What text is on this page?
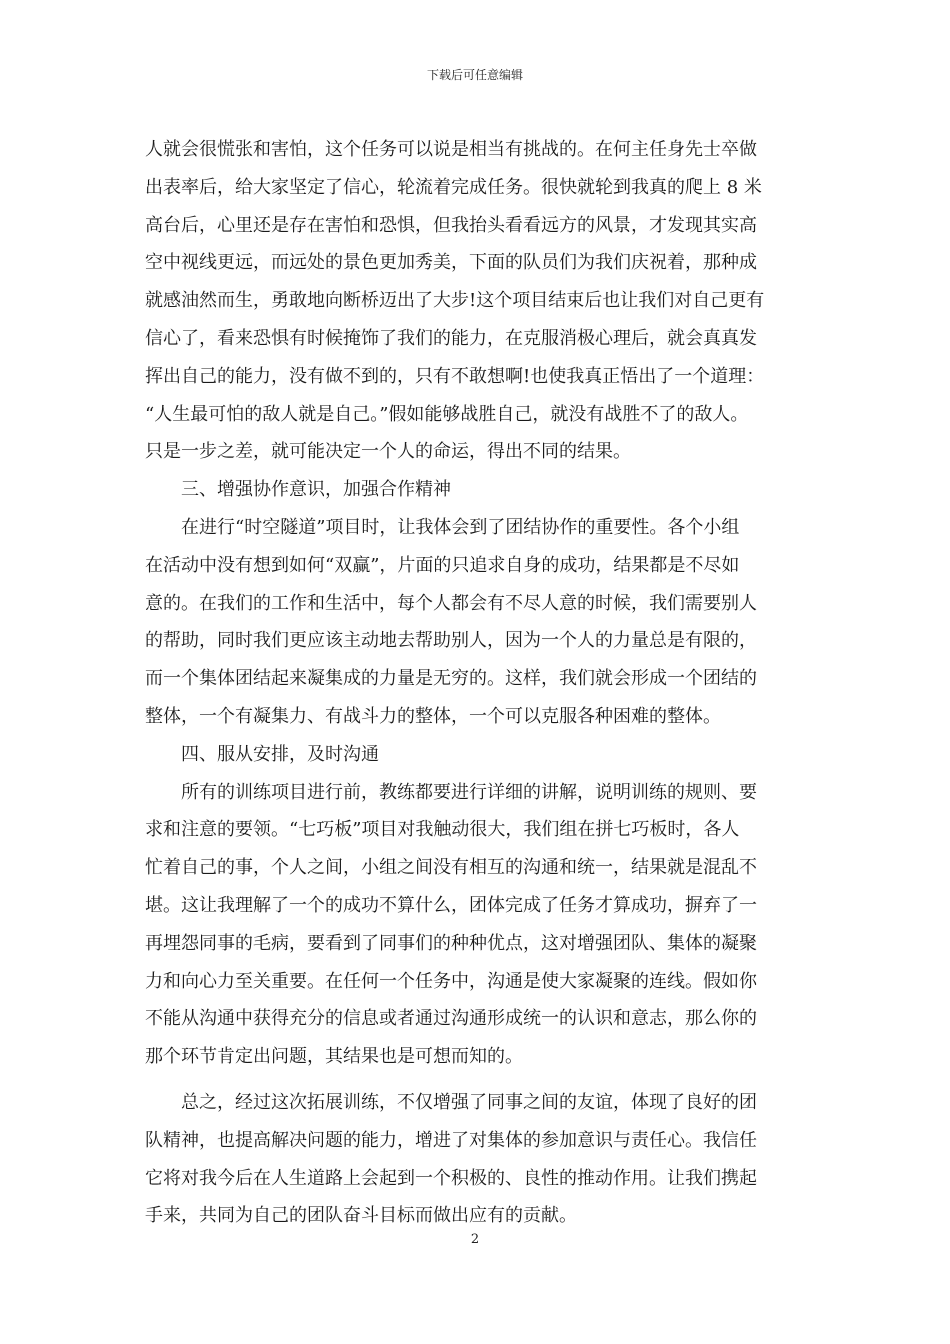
下载后可任意编辑
人就会很慌张和害怕，这个任务可以说是相当有挑战的。在何主任身先士卒做
出表率后，给大家坚定了信心，轮流着完成任务。很快就轮到我真的爬上 8 米
高台后，心里还是存在害怕和恐惧，但我抬头看看远方的风景，才发现其实高
空中视线更远，而远处的景色更加秀美，下面的队员们为我们庆祝着，那种成
就感油然而生，勇敢地向断桥迈出了大步!这个项目结束后也让我们对自己更有
信心了，看来恐惧有时候掩饰了我们的能力，在克服消极心理后，就会真真发
挥出自己的能力，没有做不到的，只有不敢想啊!也使我真正悟出了一个道理：
“人生最可怕的敌人就是自己。”假如能够战胜自己，就没有战胜不了的敌人。
只是一步之差，就可能决定一个人的命运，得出不同的结果。
三、增强协作意识，加强合作精神
　　在进行“时空隧道”项目时，让我体会到了团结协作的重要性。各个小组
在活动中没有想到如何“双赢”，片面的只追求自身的成功，结果都是不尽如
意的。在我们的工作和生活中，每个人都会有不尽人意的时候，我们需要别人
的帮助，同时我们更应该主动地去帮助别人，因为一个人的力量总是有限的，
而一个集体团结起来凝集成的力量是无穷的。这样，我们就会形成一个团结的
整体，一个有凝集力、有战斗力的整体，一个可以克服各种困难的整体。
四、服从安排，及时沟通
　　所有的训练项目进行前，教练都要进行详细的讲解，说明训练的规则、要
求和注意的要领。“七巧板”项目对我触动很大，我们组在拼七巧板时，各人
忙着自己的事，个人之间，小组之间没有相互的沟通和统一，结果就是混乱不
堪。这让我理解了一个的成功不算什么，团体完成了任务才算成功，摒弃了一
再埋怨同事的毛病，要看到了同事们的种种优点，这对增强团队、集体的凝聚
力和向心力至关重要。在任何一个任务中，沟通是使大家凝聚的连线。假如你
不能从沟通中获得充分的信息或者通过沟通形成统一的认识和意志，那么你的
那个环节肯定出问题，其结果也是可想而知的。
　　总之，经过这次拓展训练，不仅增强了同事之间的友谊，体现了良好的团
队精神，也提高解决问题的能力，增进了对集体的参加意识与责任心。我信任
它将对我今后在人生道路上会起到一个积极的、良性的推动作用。让我们携起
手来，共同为自己的团队奋斗目标而做出应有的贡献。
2
